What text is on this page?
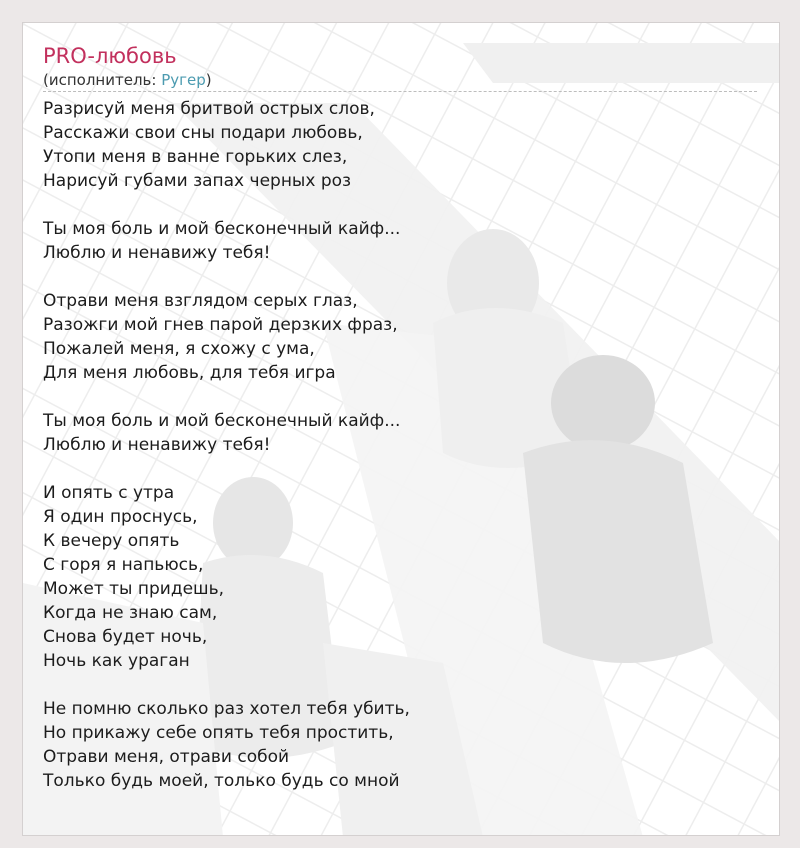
PRO-любовь
(исполнитель: Ругер)
Разрисуй меня бритвой острых слов,
Расскажи свои сны подари любовь,
Утопи меня в ванне горьких слез,
Нарисуй губами запах черных роз
Ты моя боль и мой бесконечный кайф...
Люблю и ненавижу тебя!
Отрави меня взглядом серых глаз,
Разожги мой гнев парой дерзких фраз,
Пожалей меня, я схожу с ума,
Для меня любовь, для тебя игра
Ты моя боль и мой бесконечный кайф...
Люблю и ненавижу тебя!
И опять с утра
Я один проснусь,
К вечеру опять
С горя я напьюсь,
Может ты придешь,
Когда не знаю сам,
Снова будет ночь,
Ночь как ураган
Не помню сколько раз хотел тебя убить,
Но прикажу себе опять тебя простить,
Отрави меня, отрави собой
Только будь моей, только будь со мной
